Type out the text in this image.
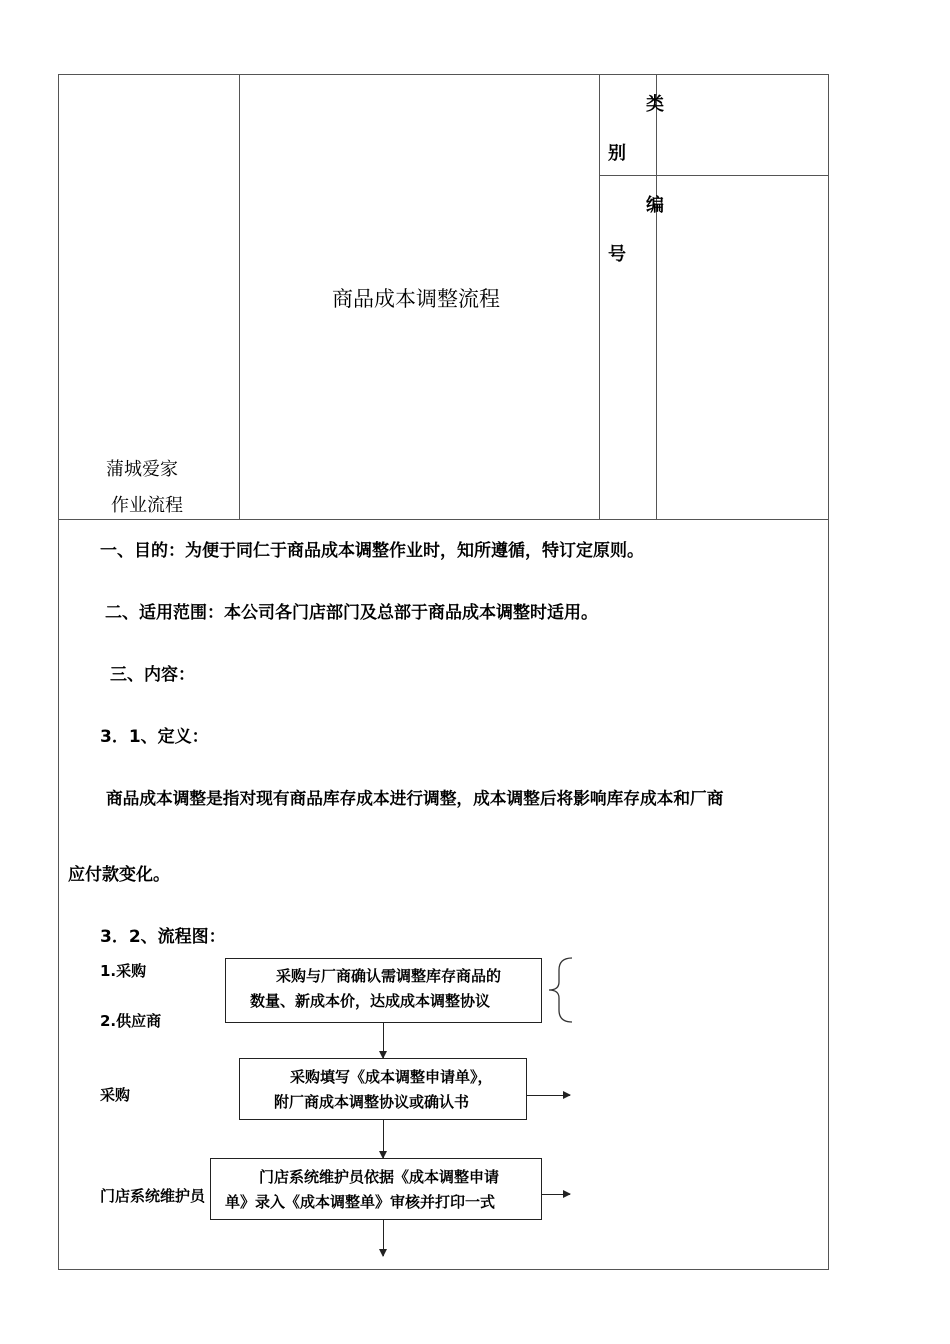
蒲城爱家
作业流程
商品成本调整流程
类
别
编
号
一、目的：为便于同仁于商品成本调整作业时，知所遵循，特订定原则。
二、适用范围：本公司各门店部门及总部于商品成本调整时适用。
三、内容：
3．1、定义：
商品成本调整是指对现有商品库存成本进行调整，成本调整后将影响库存成本和厂商
应付款变化。
3．2、流程图：
1.采购
2.供应商
采购
门店系统维护员
采购与厂商确认需调整库存商品的
数量、新成本价，达成成本调整协议
采购填写《成本调整申请单》，
附厂商成本调整协议或确认书
门店系统维护员依据《成本调整申请
单》录入《成本调整单》审核并打印一式
